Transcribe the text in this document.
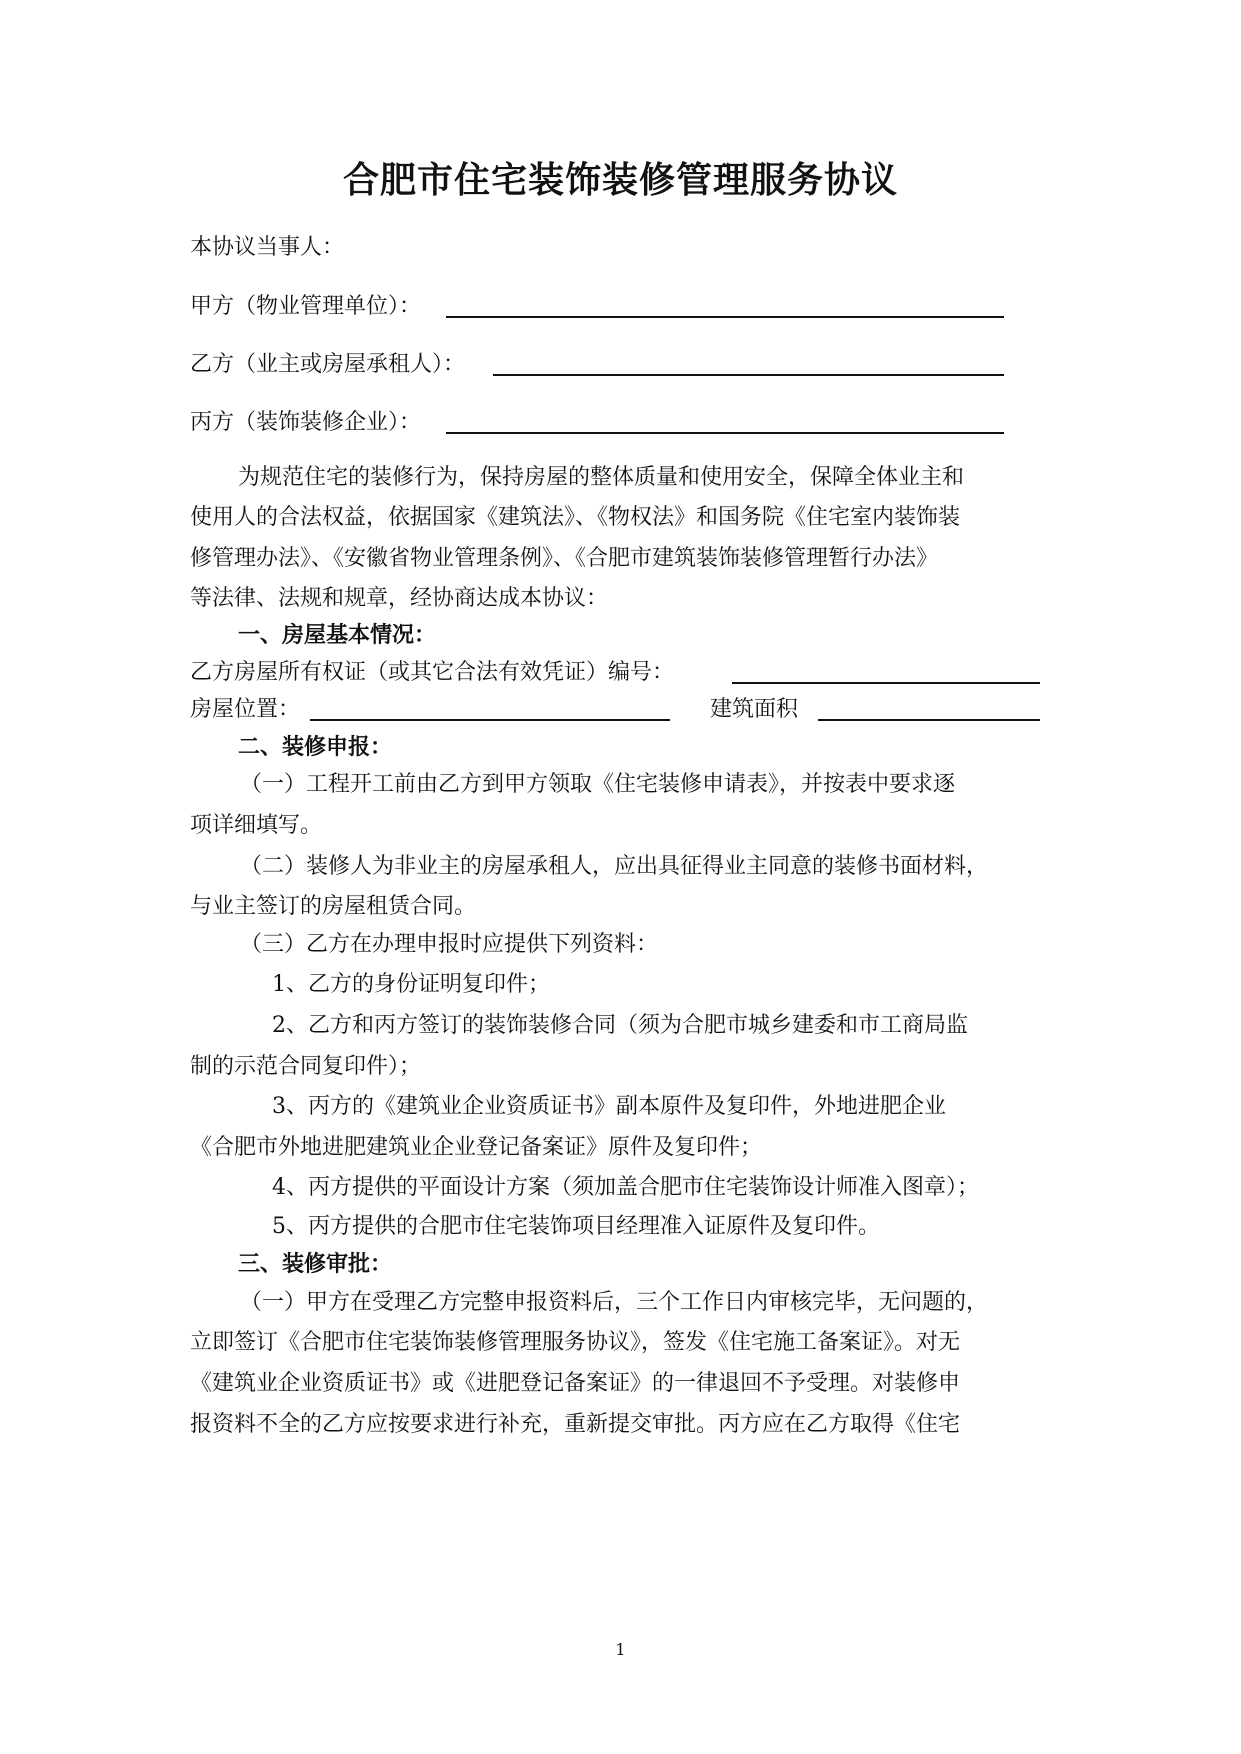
合肥市住宅装饰装修管理服务协议
本协议当事人：
甲方（物业管理单位）：
乙方（业主或房屋承租人）：
丙方（装饰装修企业）：
为规范住宅的装修行为，保持房屋的整体质量和使用安全，保障全体业主和
使用人的合法权益，依据国家《建筑法》、《物权法》和国务院《住宅室内装饰装
修管理办法》、《安徽省物业管理条例》、《合肥市建筑装饰装修管理暂行办法》
等法律、法规和规章，经协商达成本协议：
一、房屋基本情况：
乙方房屋所有权证（或其它合法有效凭证）编号：
房屋位置：	建筑面积
二、装修申报：
（一）工程开工前由乙方到甲方领取《住宅装修申请表》，并按表中要求逐
项详细填写。
（二）装修人为非业主的房屋承租人，应出具征得业主同意的装修书面材料，
与业主签订的房屋租赁合同。
（三）乙方在办理申报时应提供下列资料：
1、乙方的身份证明复印件；
2、乙方和丙方签订的装饰装修合同（须为合肥市城乡建委和市工商局监
制的示范合同复印件）；
3、丙方的《建筑业企业资质证书》副本原件及复印件，外地进肥企业
《合肥市外地进肥建筑业企业登记备案证》原件及复印件；
4、丙方提供的平面设计方案（须加盖合肥市住宅装饰设计师准入图章）；
5、丙方提供的合肥市住宅装饰项目经理准入证原件及复印件。
三、装修审批：
（一）甲方在受理乙方完整申报资料后，三个工作日内审核完毕，无问题的，
立即签订《合肥市住宅装饰装修管理服务协议》，签发《住宅施工备案证》。对无
《建筑业企业资质证书》或《进肥登记备案证》的一律退回不予受理。对装修申
报资料不全的乙方应按要求进行补充，重新提交审批。丙方应在乙方取得《住宅
1
